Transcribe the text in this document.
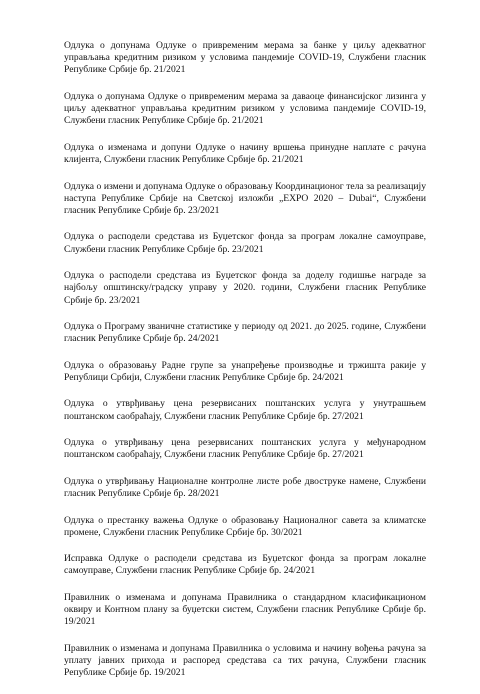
Одлука о допунама Одлуке о привременим мерама за банке у циљу адекватног управљања кредитним ризиком у условима пандемије COVID-19, Службени гласник Републике Србије бр. 21/2021

Одлука о допунама Одлуке о привременим мерама за даваоце финансијског лизинга у циљу адекватног управљања кредитним ризиком у условима пандемије COVID-19, Службени гласник Републике Србије бр. 21/2021

Одлука о изменама и допуни Одлуке о начину вршења принудне наплате с рачуна клијента, Службени гласник Републике Србије бр. 21/2021

Одлука о измени и допунама Одлуке о образовању Координационог тела за реализацију наступа Републике Србије на Светској изложби „EXPO 2020 – Dubai“, Службени гласник Републике Србије бр. 23/2021

Одлука о расподели средстава из Буџетског фонда за програм локалне самоуправе, Службени гласник Републике Србије бр. 23/2021

Одлука о расподели средстава из Буџетског фонда за доделу годишње награде за најбољу општинску/градску управу у 2020. години, Службени гласник Републике Србије бр. 23/2021

Одлука о Програму званичне статистике у периоду од 2021. до 2025. године, Службени гласник Републике Србије бр. 24/2021

Одлука о образовању Радне групе за унапређење производње и тржишта ракије у Републици Србији, Службени гласник Републике Србије бр. 24/2021

Одлука о утврђивању цена резервисаних поштанских услуга у унутрашњем поштанском саобраћају, Службени гласник Републике Србије бр. 27/2021

Одлука о утврђивању цена резервисаних поштанских услуга у међународном поштанском саобраћају, Службени гласник Републике Србије бр. 27/2021

Одлука о утврђивању Националне контролне листе робе двоструке намене, Службени гласник Републике Србије бр. 28/2021

Одлука о престанку важења Одлуке о образовању Националног савета за климатске промене, Службени гласник Републике Србије бр. 30/2021

Исправка Одлуке о расподели средстава из Буџетског фонда за програм локалне самоуправе, Службени гласник Републике Србије бр. 24/2021

Правилник о изменама и допунама Правилника о стандардном класификационом оквиру и Контном плану за буџетски систем, Службени гласник Републике Србије бр. 19/2021

Правилник о изменама и допунама Правилника о условима и начину вођења рачуна за уплату јавних прихода и распоред средстава са тих рачуна, Службени гласник Републике Србије бр. 19/2021
